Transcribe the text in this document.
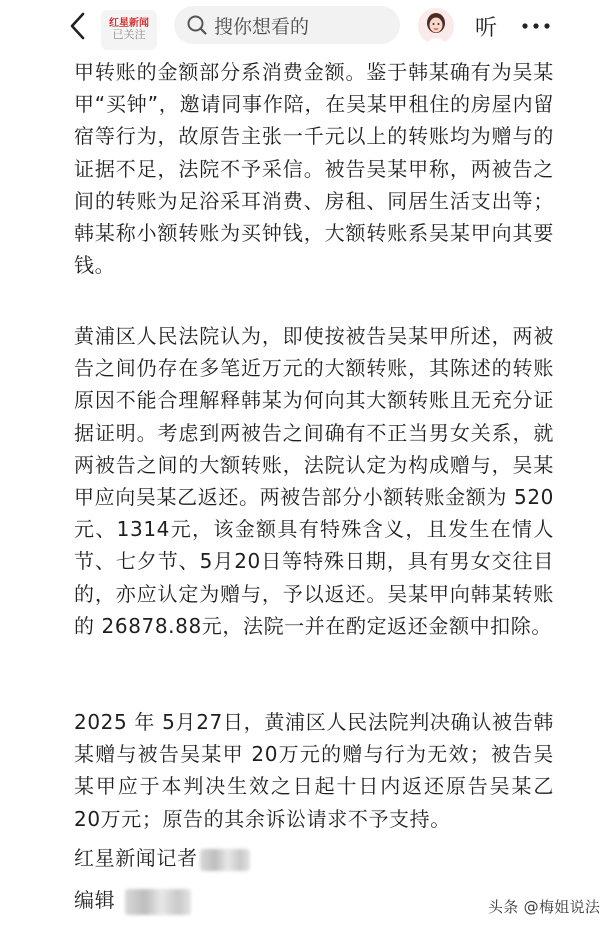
红星新闻
已关注	搜你想看的	听

甲转账的金额部分系消费金额。鉴于韩某确有为吴某甲“买钟”，邀请同事作陪，在吴某甲租住的房屋内留宿等行为，故原告主张一千元以上的转账均为赠与的证据不足，法院不予采信。被告吴某甲称，两被告之间的转账为足浴采耳消费、房租、同居生活支出等；韩某称小额转账为买钟钱，大额转账系吴某甲向其要钱。

黄浦区人民法院认为，即使按被告吴某甲所述，两被告之间仍存在多笔近万元的大额转账，其陈述的转账原因不能合理解释韩某为何向其大额转账且无充分证据证明。考虑到两被告之间确有不正当男女关系，就两被告之间的大额转账，法院认定为构成赠与，吴某甲应向吴某乙返还。两被告部分小额转账金额为 520元、1314元，该金额具有特殊含义，且发生在情人节、七夕节、5月20日等特殊日期，具有男女交往目的，亦应认定为赠与，予以返还。吴某甲向韩某转账的 26878.88元，法院一并在酌定返还金额中扣除。

2025 年 5月27日，黄浦区人民法院判决确认被告韩某赠与被告吴某甲 20万元的赠与行为无效；被告吴某甲应于本判决生效之日起十日内返还原告吴某乙 20万元；原告的其余诉讼请求不予支持。

红星新闻记者
编辑	头条 @梅姐说法
